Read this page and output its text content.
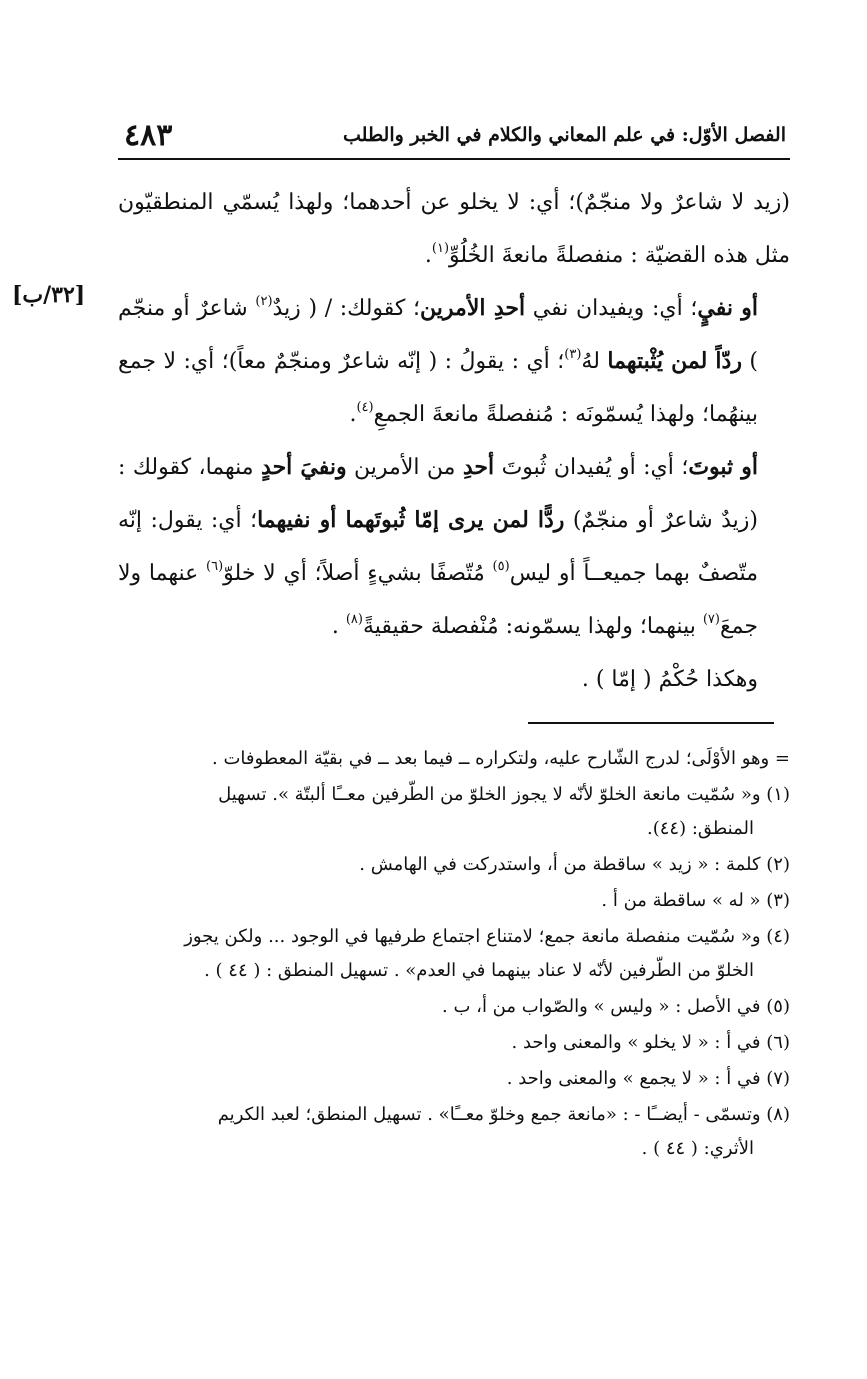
الفصل الأوّل: في علم المعاني والكلام في الخبر والطلب
٤٨٣
[٣٢/ب]

(زيد لا شاعرٌ ولا منجّمٌ)؛ أي: لا يخلو عن أحدهما؛ ولهذا يُسمّي المنطقيّون مثل هذه القضيّة : منفصلةً مانعةَ الخُلُوِّ$^{(١)}$.

أو نفيٍ؛ أي: ويفيدان نفي أحدِ الأمرين؛ كقولك: / ( زيدٌ$^{(٢)}$ شاعرٌ أو منجّم ) ردّاً لمن يُثْبتهما لهُ$^{(٣)}$؛ أي : يقولُ : ( إنّه شاعرٌ ومنجّمٌ معاً)؛ أي: لا جمع بينهُما؛ ولهذا يُسمّونَه : مُنفصلةً مانعةَ الجمعِ$^{(٤)}$.

أو ثبوتَ؛ أي: أو يُفيدان ثُبوتَ أحدِ من الأمرين ونفيَ أحدٍ منهما، كقولك : (زيدٌ شاعرٌ أو منجّمٌ) ردًّا لمن يرى إمّا ثُبوتَهما أو نفيهما؛ أي: يقول: إنّه متّصفٌ بهما جميعــاً أو ليس$^{(٥)}$ مُتّصفًا بشيءٍ أصلاً؛ أي لا خلوّ$^{(٦)}$ عنهما ولا جمعَ$^{(٧)}$ بينهما؛ ولهذا يسمّونه: مُنْفصلة حقيقيةً$^{(٨)}$ .

وهكذا حُكْمُ ( إمّا ) .

= وهو الأوْلَى؛ لدرج الشّارح عليه، ولتكراره ــ فيما بعد ــ في بقيّة المعطوفات .

(١) و« سُمّيت مانعة الخلوّ لأنّه لا يجوز الخلوّ من الطّرفين معــًا ألبتّة ». تسهيل
المنطق: (٤٤).

(٢) كلمة : « زيد » ساقطة من أ، واستدركت في الهامش .

(٣) « له » ساقطة من أ .

(٤) و« سُمّيت منفصلة مانعة جمع؛ لامتناع اجتماع طرفيها في الوجود ... ولكن يجوز
الخلوّ من الطّرفين لأنّه لا عناد بينهما في العدم» . تسهيل المنطق : ( ٤٤ ) .

(٥) في الأصل : « وليس » والصّواب من أ، ب .

(٦) في أ : « لا يخلو » والمعنى واحد .

(٧) في أ : « لا يجمع » والمعنى واحد .

(٨) وتسمّى - أيضــًا - : «مانعة جمع وخلوّ معــًا» . تسهيل المنطق؛ لعبد الكريم
الأثري: ( ٤٤ ) .
